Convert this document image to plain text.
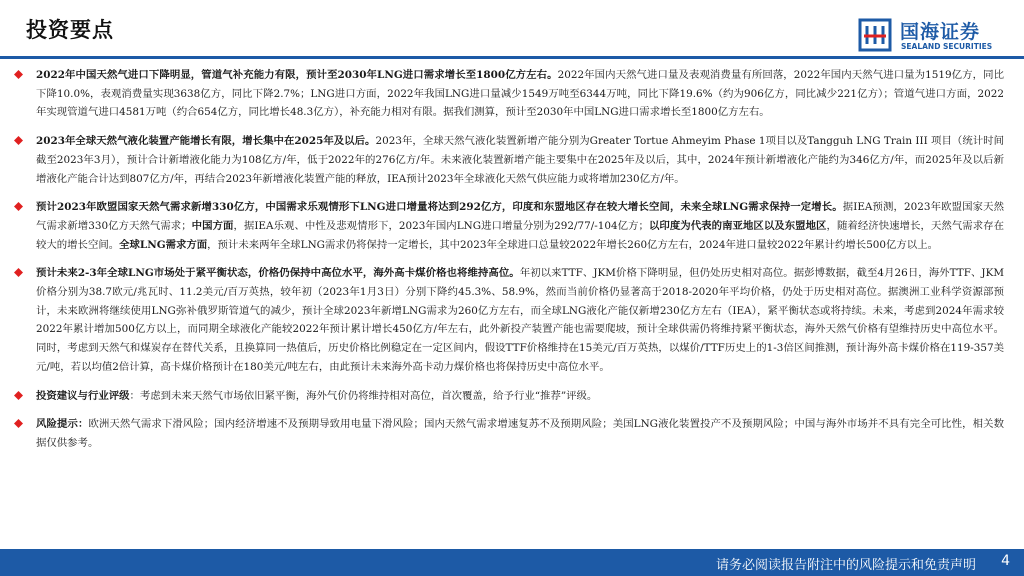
投资要点	国海证券
SEALAND SECURITIES
2022年中国天然气进口下降明显，管道气补充能力有限，预计至2030年LNG进口需求增长至1800亿方左右。2022年国内天然气进口量及表观消费量有所回落，2022年国内天然气进口量为1519亿方，同比下降10.0%，表观消费量实现3638亿方，同比下降2.7%；LNG进口方面，2022年我国LNG进口量减少1549万吨至6344万吨，同比下降19.6%（约为906亿方，同比减少221亿方）；管道气进口方面，2022年实现管道气进口4581万吨（约合654亿方，同比增长48.3亿方），补充能力相对有限。据我们测算，预计至2030年中国LNG进口需求增长至1800亿方左右。
2023年全球天然气液化装置产能增长有限，增长集中在2025年及以后。2023年，全球天然气液化装置新增产能分别为Greater Tortue Ahmeyim Phase 1项目以及Tangguh LNG Train III 项目（统计时间截至2023年3月），预计合计新增液化能力为108亿方/年，低于2022年的276亿方/年。未来液化装置新增产能主要集中在2025年及以后，其中，2024年预计新增液化产能约为346亿方/年，而2025年及以后新增液化产能合计达到807亿方/年，再结合2023年新增液化装置产能的释放，IEA预计2023年全球液化天然气供应能力或将增加230亿方/年。
预计2023年欧盟国家天然气需求新增330亿方，中国需求乐观情形下LNG进口增量将达到292亿方，印度和东盟地区存在较大增长空间，未来全球LNG需求保持一定增长。据IEA预测，2023年欧盟国家天然气需求新增330亿方天然气需求；中国方面，据IEA乐观、中性及悲观情形下，2023年国内LNG进口增量分别为292/77/-104亿方；以印度为代表的南亚地区以及东盟地区，随着经济快速增长，天然气需求存在较大的增长空间。全球LNG需求方面，预计未来两年全球LNG需求仍将保持一定增长，其中2023年全球进口总量较2022年增长260亿方左右，2024年进口量较2022年累计约增长500亿方以上。
预计未来2-3年全球LNG市场处于紧平衡状态，价格仍保持中高位水平，海外高卡煤价格也将维持高位。年初以来TTF、JKM价格下降明显，但仍处历史相对高位。据彭博数据，截至4月26日，海外TTF、JKM价格分别为38.7欧元/兆瓦时、11.2美元/百万英热，较年初（2023年1月3日）分别下降约45.3%、58.9%，然而当前价格仍显著高于2018-2020年平均价格，仍处于历史相对高位。据澳洲工业科学资源部预计，未来欧洲将继续使用LNG弥补俄罗斯管道气的减少，预计全球2023年新增LNG需求为260亿方左右，而全球LNG液化产能仅新增230亿方左右（IEA），紧平衡状态或将持续。未来，考虑到2024年需求较2022年累计增加500亿方以上，而同期全球液化产能较2022年预计累计增长450亿方/年左右，此外新投产装置产能也需要爬坡，预计全球供需仍将维持紧平衡状态，海外天然气价格有望维持历史中高位水平。同时，考虑到天然气和煤炭存在替代关系，且换算同一热值后，历史价格比例稳定在一定区间内，假设TTF价格维持在15美元/百万英热，以煤价/TTF历史上的1-3倍区间推测，预计海外高卡煤价格在119-357美元/吨，若以均值2倍计算，高卡煤价格预计在180美元/吨左右，由此预计未来海外高卡动力煤价格也将保持历史中高位水平。
投资建议与行业评级：考虑到未来天然气市场依旧紧平衡，海外气价仍将维持相对高位，首次覆盖，给予行业“推荐”评级。
风险提示：欧洲天然气需求下滑风险；国内经济增速不及预期导致用电量下滑风险；国内天然气需求增速复苏不及预期风险；美国LNG液化装置投产不及预期风险；中国与海外市场并不具有完全可比性，相关数据仅供参考。
请务必阅读报告附注中的风险提示和免责声明 4
